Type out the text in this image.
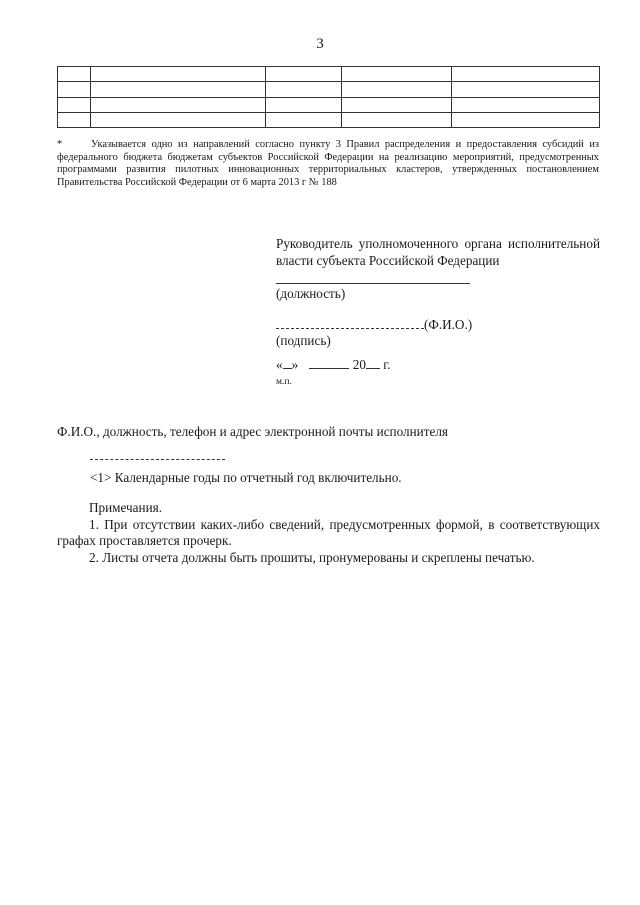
3

*	Указывается одно из направлений согласно пункту 3 Правил распределения и предоставления субсидий из федерального бюджета бюджетам субъектов Российской Федерации на реализацию мероприятий, предусмотренных программами развития пилотных инновационных территориальных кластеров, утвержденных постановлением Правительства Российской Федерации от 6 марта 2013 г № 188
Руководитель уполномоченного органа исполнительной власти субъекта Российской Федерации
(должность)
(Ф.И.О.)
(подпись)
« »	20 г.
м.п.
Ф.И.О., должность, телефон и адрес электронной почты исполнителя
<1> Календарные годы по отчетный год включительно.

Примечания.

1. При отсутствии каких-либо сведений, предусмотренных формой, в соответствующих графах проставляется прочерк.

2. Листы отчета должны быть прошиты, пронумерованы и скреплены печатью.
